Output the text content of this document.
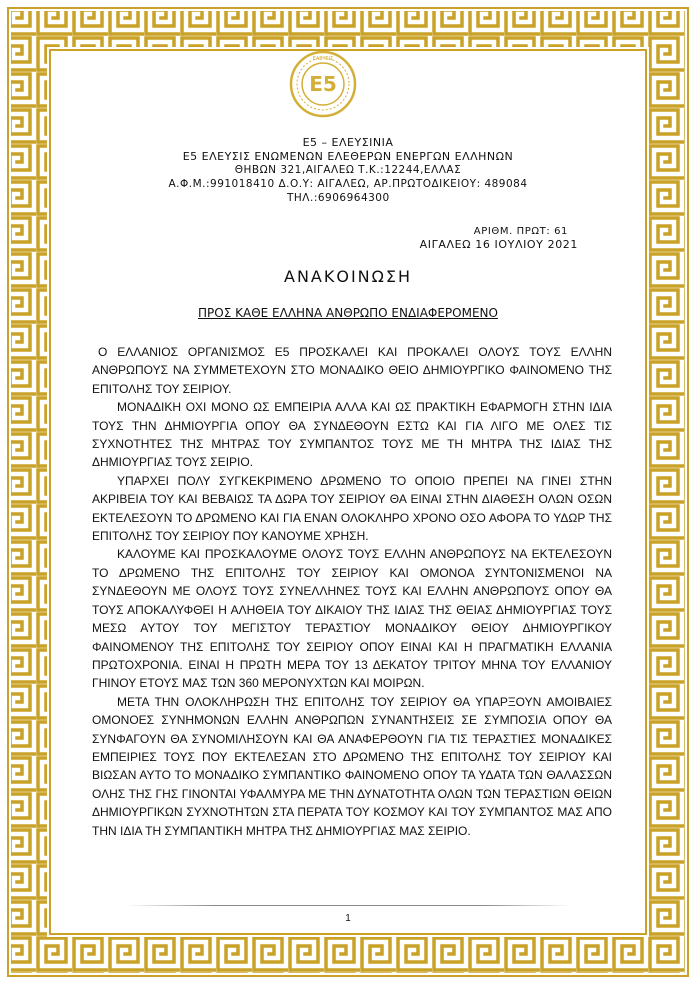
E5
EΛΕΥΣΙΣ
Ε5 – ΕΛΕΥΣΙΝΙΑ
Ε5 ΕΛΕΥΣΙΣ ΕΝΩΜΕΝΩΝ ΕΛΕΘΕΡΩΝ ΕΝΕΡΓΩΝ ΕΛΛΗΝΩΝ
ΘΗΒΩΝ 321,ΑΙΓΑΛΕΩ Τ.Κ.:12244,ΕΛΛΑΣ
Α.Φ.Μ.:991018410 Δ.Ο.Υ: ΑΙΓΑΛΕΩ, ΑΡ.ΠΡΩΤΟΔΙΚΕΙΟΥ: 489084
ΤΗΛ.:6906964300
ΑΡΙΘΜ. ΠΡΩΤ: 61
ΑΙΓΑΛΕΩ 16 ΙΟΥΛΙΟΥ 2021
ΑΝΑΚΟΙΝΩΣΗ
ΠΡΟΣ ΚΑΘΕ ΕΛΛΗΝΑ ΑΝΘΡΩΠΟ ΕΝΔΙΑΦΕΡΟΜΕΝΟ

Ο ΕΛΛΑΝΙΟΣ ΟΡΓΑΝΙΣΜΟΣ Ε5 ΠΡΟΣΚΑΛΕΙ ΚΑΙ ΠΡΟΚΑΛΕΙ ΟΛΟΥΣ ΤΟΥΣ ΕΛΛΗΝ ΑΝΘΡΩΠΟΥΣ ΝΑ ΣΥΜΜΕΤΕΧΟΥΝ ΣΤΟ ΜΟΝΑΔΙΚΟ ΘΕΙΟ ΔΗΜΙΟΥΡΓΙΚΟ ΦΑΙΝΟΜΕΝΟ ΤΗΣ ΕΠΙΤΟΛΗΣ ΤΟΥ ΣΕΙΡΙΟΥ.

ΜΟΝΑΔΙΚΗ ΟΧΙ ΜΟΝΟ ΩΣ ΕΜΠΕΙΡΙΑ ΑΛΛΑ ΚΑΙ ΩΣ ΠΡΑΚΤΙΚΗ ΕΦΑΡΜΟΓΗ ΣΤΗΝ ΙΔΙΑ ΤΟΥΣ ΤΗΝ ΔΗΜΙΟΥΡΓΙΑ ΟΠΟΥ ΘΑ ΣΥΝΔΕΘΟΥΝ ΕΣΤΩ ΚΑΙ ΓΙΑ ΛΙΓΟ ΜΕ ΟΛΕΣ ΤΙΣ ΣΥΧΝΟΤΗΤΕΣ ΤΗΣ ΜΗΤΡΑΣ ΤΟΥ ΣΥΜΠΑΝΤΟΣ ΤΟΥΣ ΜΕ ΤΗ ΜΗΤΡΑ ΤΗΣ ΙΔΙΑΣ ΤΗΣ ΔΗΜΙΟΥΡΓΙΑΣ ΤΟΥΣ ΣΕΙΡΙΟ.

ΥΠΑΡΧΕΙ ΠΟΛΥ ΣΥΓΚΕΚΡΙΜΕΝΟ ΔΡΩΜΕΝΟ ΤΟ ΟΠΟΙΟ ΠΡΕΠΕΙ ΝΑ ΓΙΝΕΙ ΣΤΗΝ ΑΚΡΙΒΕΙΑ ΤΟΥ ΚΑΙ ΒΕΒΑΙΩΣ ΤΑ ΔΩΡΑ ΤΟΥ ΣΕΙΡΙΟΥ ΘΑ ΕΙΝΑΙ ΣΤΗΝ ΔΙΑΘΕΣΗ ΟΛΩΝ ΟΣΩΝ ΕΚΤΕΛΕΣΟΥΝ ΤΟ ΔΡΩΜΕΝΟ ΚΑΙ ΓΙΑ ΕΝΑΝ ΟΛΟΚΛΗΡΟ ΧΡΟΝΟ ΟΣΟ ΑΦΟΡΑ ΤΟ ΥΔΩΡ ΤΗΣ ΕΠΙΤΟΛΗΣ ΤΟΥ ΣΕΙΡΙΟΥ ΠΟΥ ΚΑΝΟΥΜΕ ΧΡΗΣΗ.

ΚΑΛΟΥΜΕ ΚΑΙ ΠΡΟΣΚΑΛΟΥΜΕ ΟΛΟΥΣ ΤΟΥΣ ΕΛΛΗΝ ΑΝΘΡΩΠΟΥΣ ΝΑ ΕΚΤΕΛΕΣΟΥΝ ΤΟ ΔΡΩΜΕΝΟ ΤΗΣ ΕΠΙΤΟΛΗΣ ΤΟΥ ΣΕΙΡΙΟΥ ΚΑΙ ΟΜΟΝΟΑ ΣΥΝΤΟΝΙΣΜΕΝΟΙ ΝΑ ΣΥΝΔΕΘΟΥΝ ΜΕ ΟΛΟΥΣ ΤΟΥΣ ΣΥΝΕΛΛΗΝΕΣ ΤΟΥΣ ΚΑΙ ΕΛΛΗΝ ΑΝΘΡΩΠΟΥΣ ΟΠΟΥ ΘΑ ΤΟΥΣ ΑΠΟΚΑΛΥΦΘΕΙ Η ΑΛΗΘΕΙΑ ΤΟΥ ΔΙΚΑΙΟΥ ΤΗΣ ΙΔΙΑΣ ΤΗΣ ΘΕΙΑΣ ΔΗΜΙΟΥΡΓΙΑΣ ΤΟΥΣ ΜΕΣΩ ΑΥΤΟΥ ΤΟΥ ΜΕΓΙΣΤΟΥ ΤΕΡΑΣΤΙΟΥ ΜΟΝΑΔΙΚΟΥ ΘΕΙΟΥ ΔΗΜΙΟΥΡΓΙΚΟΥ ΦΑΙΝΟΜΕΝΟΥ ΤΗΣ ΕΠΙΤΟΛΗΣ ΤΟΥ ΣΕΙΡΙΟΥ ΟΠΟΥ ΕΙΝΑΙ ΚΑΙ Η ΠΡΑΓΜΑΤΙΚΗ ΕΛΛΑΝΙΑ ΠΡΩΤΟΧΡΟΝΙΑ. ΕΙΝΑΙ Η ΠΡΩΤΗ ΜΕΡΑ ΤΟΥ 13 ΔΕΚΑΤΟΥ ΤΡΙΤΟΥ ΜΗΝΑ ΤΟΥ ΕΛΛΑΝΙΟΥ ΓΗΙΝΟΥ ΕΤΟΥΣ ΜΑΣ ΤΩΝ 360 ΜΕΡΟΝΥΧΤΩΝ ΚΑΙ ΜΟΙΡΩΝ.

ΜΕΤΑ ΤΗΝ ΟΛΟΚΛΗΡΩΣΗ ΤΗΣ ΕΠΙΤΟΛΗΣ ΤΟΥ ΣΕΙΡΙΟΥ ΘΑ ΥΠΑΡΞΟΥΝ ΑΜΟΙΒΑΙΕΣ ΟΜΟΝΟΕΣ ΣΥΝΗΜΟΝΩΝ ΕΛΛΗΝ ΑΝΘΡΩΠΩΝ ΣΥΝΑΝΤΗΣΕΙΣ ΣΕ ΣΥΜΠΟΣΙΑ ΟΠΟΥ ΘΑ ΣΥΝΦΑΓΟΥΝ ΘΑ ΣΥΝΟΜΙΛΗΣΟΥΝ ΚΑΙ ΘΑ ΑΝΑΦΕΡΘΟΥΝ ΓΙΑ ΤΙΣ ΤΕΡΑΣΤΙΕΣ ΜΟΝΑΔΙΚΕΣ ΕΜΠΕΙΡΙΕΣ ΤΟΥΣ ΠΟΥ ΕΚΤΕΛΕΣΑΝ ΣΤΟ ΔΡΩΜΕΝΟ ΤΗΣ ΕΠΙΤΟΛΗΣ ΤΟΥ ΣΕΙΡΙΟΥ ΚΑΙ ΒΙΩΣΑΝ ΑΥΤΟ ΤΟ ΜΟΝΑΔΙΚΟ ΣΥΜΠΑΝΤΙΚΟ ΦΑΙΝΟΜΕΝΟ ΟΠΟΥ ΤΑ ΥΔΑΤΑ ΤΩΝ ΘΑΛΑΣΣΩΝ ΟΛΗΣ ΤΗΣ ΓΗΣ ΓΙΝΟΝΤΑΙ ΥΦΑΛΜΥΡΑ ΜΕ ΤΗΝ ΔΥΝΑΤΟΤΗΤΑ ΟΛΩΝ ΤΩΝ ΤΕΡΑΣΤΙΩΝ ΘΕΙΩΝ ΔΗΜΙΟΥΡΓΙΚΩΝ ΣΥΧΝΟΤΗΤΩΝ ΣΤΑ ΠΕΡΑΤΑ ΤΟΥ ΚΟΣΜΟΥ ΚΑΙ ΤΟΥ ΣΥΜΠΑΝΤΟΣ ΜΑΣ ΑΠΟ ΤΗΝ ΙΔΙΑ ΤΗ ΣΥΜΠΑΝΤΙΚΗ ΜΗΤΡΑ ΤΗΣ ΔΗΜΙΟΥΡΓΙΑΣ ΜΑΣ ΣΕΙΡΙΟ.

1
